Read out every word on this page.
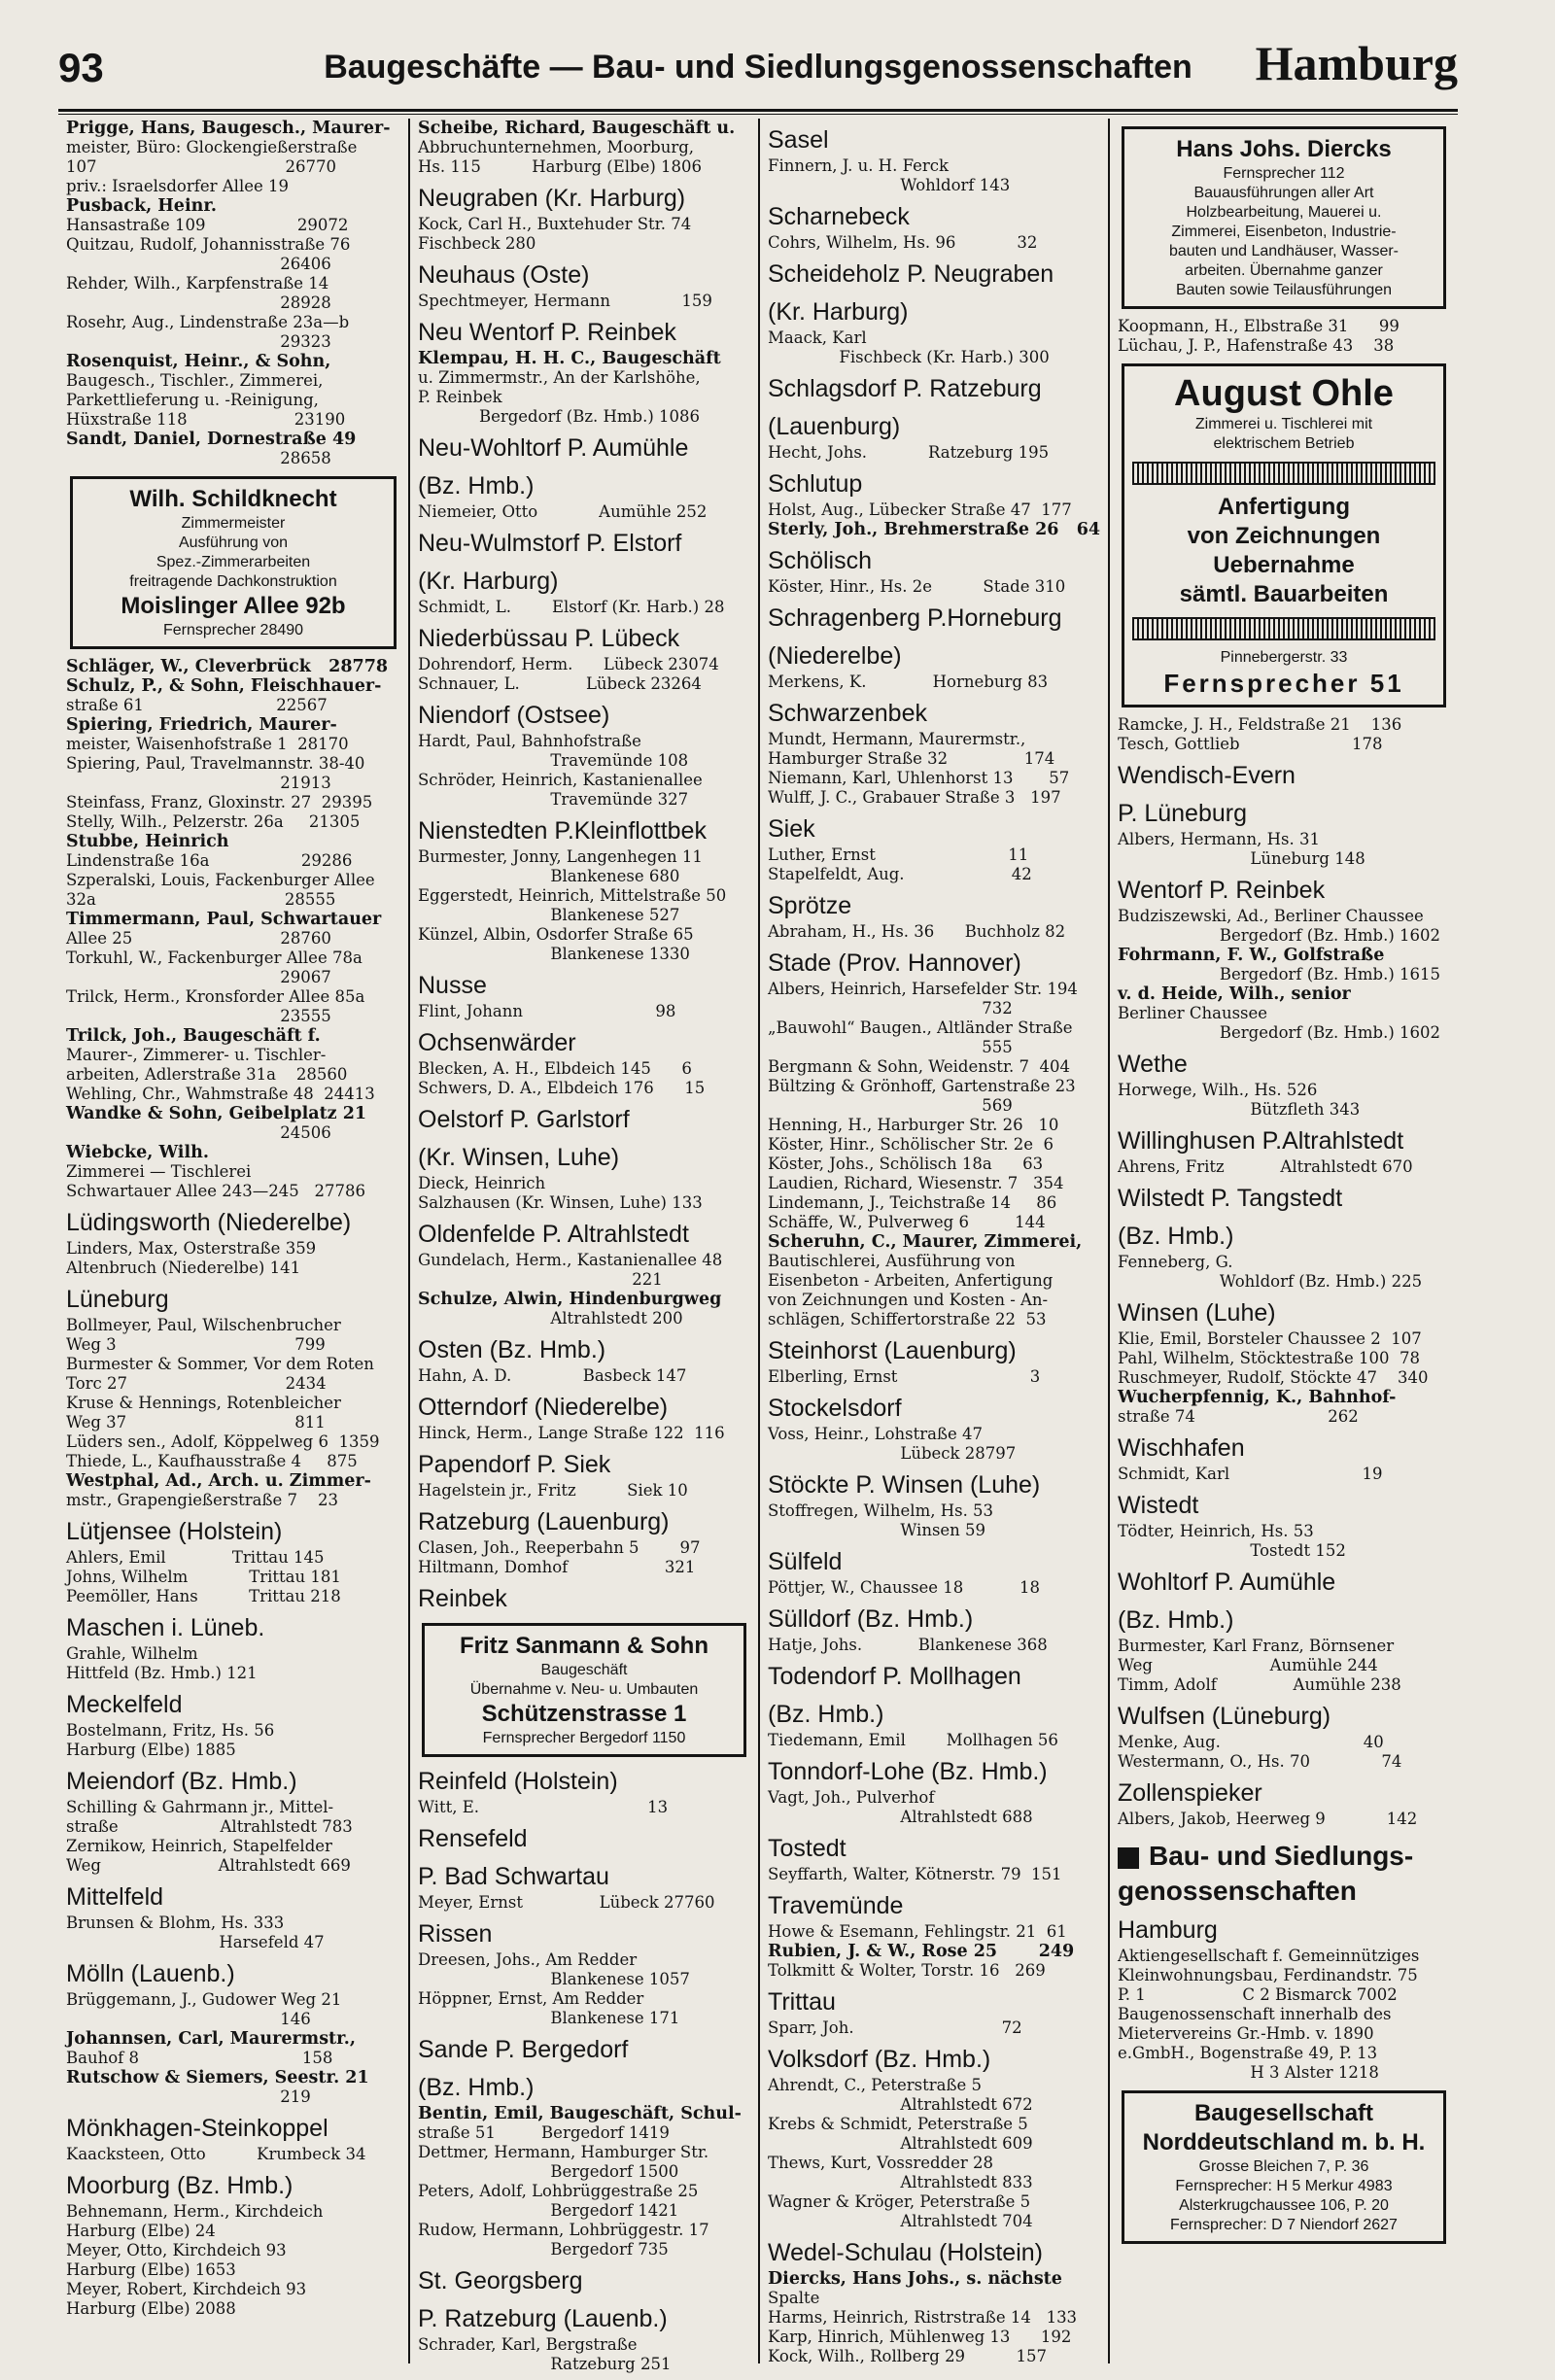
93	Baugeschäfte — Bau- und Siedlungsgenossenschaften	Hamburg
Prigge, Hans, Baugesch., Maurer-
meister, Büro: Glockengießerstraße
107                                     26770
priv.: Israelsdorfer Allee 19
Pusback, Heinr.
Hansastraße 109                  29072
Quitzau, Rudolf, Johannisstraße 76
26406
Rehder, Wilh., Karpfenstraße 14
28928
Rosehr, Aug., Lindenstraße 23a—b
29323
Rosenquist, Heinr., & Sohn,
Baugesch., Tischler., Zimmerei,
Parkettlieferung u. -Reinigung,
Hüxstraße 118                     23190
Sandt, Daniel, Dornestraße 49
28658
Wilh. Schildknecht
Zimmermeister
Ausführung von
Spez.-Zimmerarbeiten
freitragende Dachkonstruktion
Moislinger Allee 92b
Fernsprecher 28490
Schläger, W., Cleverbrück   28778
Schulz, P., & Sohn, Fleischhauer-
straße 61                          22567
Spiering, Friedrich, Maurer-
meister, Waisenhofstraße 1  28170
Spiering, Paul, Travelmannstr. 38-40
21913
Steinfass, Franz, Gloxinstr. 27  29395
Stelly, Wilh., Pelzerstr. 26a     21305
Stubbe, Heinrich
Lindenstraße 16a                  29286
Szperalski, Louis, Fackenburger Allee
32a                                     28555
Timmermann, Paul, Schwartauer
Allee 25                             28760
Torkuhl, W., Fackenburger Allee 78a
29067
Trilck, Herm., Kronsforder Allee 85a
23555
Trilck, Joh., Baugeschäft f.
Maurer-, Zimmerer- u. Tischler-
arbeiten, Adlerstraße 31a    28560
Wehling, Chr., Wahmstraße 48  24413
Wandke & Sohn, Geibelplatz 21
24506
Wiebcke, Wilh.
Zimmerei — Tischlerei
Schwartauer Allee 243—245   27786
Lüdingsworth (Niederelbe)
Linders, Max, Osterstraße 359
Altenbruch (Niederelbe) 141
Lüneburg
Bollmeyer, Paul, Wilschenbrucher
Weg 3                                   799
Burmester & Sommer, Vor dem Roten
Torc 27                               2434
Kruse & Hennings, Rotenbleicher
Weg 37                                 811
Lüders sen., Adolf, Köppelweg 6  1359
Thiede, L., Kaufhausstraße 4     875
Westphal, Ad., Arch. u. Zimmer-
mstr., Grapengießerstraße 7    23
Lütjensee (Holstein)
Ahlers, Emil             Trittau 145
Johns, Wilhelm            Trittau 181
Peemöller, Hans          Trittau 218
Maschen i. Lüneb.
Grahle, Wilhelm
Hittfeld (Bz. Hmb.) 121
Meckelfeld
Bostelmann, Fritz, Hs. 56
Harburg (Elbe) 1885
Meiendorf (Bz. Hmb.)
Schilling & Gahrmann jr., Mittel-
straße                    Altrahlstedt 783
Zernikow, Heinrich, Stapelfelder
Weg                       Altrahlstedt 669
Mittelfeld
Brunsen & Blohm, Hs. 333
Harsefeld 47
Mölln (Lauenb.)
Brüggemann, J., Gudower Weg 21
146
Johannsen, Carl, Maurermstr.,
Bauhof 8                                158
Rutschow & Siemers, Seestr. 21
219
Mönkhagen-Steinkoppel
Kaacksteen, Otto          Krumbeck 34
Moorburg (Bz. Hmb.)
Behnemann, Herm., Kirchdeich
Harburg (Elbe) 24
Meyer, Otto, Kirchdeich 93
Harburg (Elbe) 1653
Meyer, Robert, Kirchdeich 93
Harburg (Elbe) 2088
Scheibe, Richard, Baugeschäft u.
Abbruchunternehmen, Moorburg,
Hs. 115          Harburg (Elbe) 1806
Neugraben (Kr. Harburg)
Kock, Carl H., Buxtehuder Str. 74
Fischbeck 280
Neuhaus (Oste)
Spechtmeyer, Hermann              159
Neu Wentorf P. Reinbek
Klempau, H. H. C., Baugeschäft
u. Zimmermstr., An der Karlshöhe,
P. Reinbek
Bergedorf (Bz. Hmb.) 1086
Neu-Wohltorf P. Aumühle
(Bz. Hmb.)
Niemeier, Otto            Aumühle 252
Neu-Wulmstorf P. Elstorf
(Kr. Harburg)
Schmidt, L.        Elstorf (Kr. Harb.) 28
Niederbüssau P. Lübeck
Dohrendorf, Herm.      Lübeck 23074
Schnauer, L.             Lübeck 23264
Niendorf (Ostsee)
Hardt, Paul, Bahnhofstraße
Travemünde 108
Schröder, Heinrich, Kastanienallee
Travemünde 327
Nienstedten P.Kleinflottbek
Burmester, Jonny, Langenhegen 11
Blankenese 680
Eggerstedt, Heinrich, Mittelstraße 50
Blankenese 527
Künzel, Albin, Osdorfer Straße 65
Blankenese 1330
Nusse
Flint, Johann                          98
Ochsenwärder
Blecken, A. H., Elbdeich 145      6
Schwers, D. A., Elbdeich 176      15
Oelstorf P. Garlstorf
(Kr. Winsen, Luhe)
Dieck, Heinrich
Salzhausen (Kr. Winsen, Luhe) 133
Oldenfelde P. Altrahlstedt
Gundelach, Herm., Kastanienallee 48
221
Schulze, Alwin, Hindenburgweg
Altrahlstedt 200
Osten (Bz. Hmb.)
Hahn, A. D.              Basbeck 147
Otterndorf (Niederelbe)
Hinck, Herm., Lange Straße 122  116
Papendorf P. Siek
Hagelstein jr., Fritz          Siek 10
Ratzeburg (Lauenburg)
Clasen, Joh., Reeperbahn 5        97
Hiltmann, Domhof                   321
Reinbek
Fritz Sanmann & Sohn
Baugeschäft
Übernahme v. Neu- u. Umbauten
Schützenstrasse 1
Fernsprecher Bergedorf 1150
Reinfeld (Holstein)
Witt, E.                                 13
Rensefeld
P. Bad Schwartau
Meyer, Ernst               Lübeck 27760
Rissen
Dreesen, Johs., Am Redder
Blankenese 1057
Höppner, Ernst, Am Redder
Blankenese 171
Sande P. Bergedorf
(Bz. Hmb.)
Bentin, Emil, Baugeschäft, Schul-
straße 51         Bergedorf 1419
Dettmer, Hermann, Hamburger Str.
Bergedorf 1500
Peters, Adolf, Lohbrüggestraße 25
Bergedorf 1421
Rudow, Hermann, Lohbrüggestr. 17
Bergedorf 735
St. Georgsberg
P. Ratzeburg (Lauenb.)
Schrader, Karl, Bergstraße
Ratzeburg 251
Sasel
Finnern, J. u. H. Ferck
Wohldorf 143
Scharnebeck
Cohrs, Wilhelm, Hs. 96            32
Scheideholz P. Neugraben
(Kr. Harburg)
Maack, Karl
Fischbeck (Kr. Harb.) 300
Schlagsdorf P. Ratzeburg
(Lauenburg)
Hecht, Johs.            Ratzeburg 195
Schlutup
Holst, Aug., Lübecker Straße 47  177
Sterly, Joh., Brehmerstraße 26   64
Schölisch
Köster, Hinr., Hs. 2e          Stade 310
Schragenberg P.Horneburg
(Niederelbe)
Merkens, K.             Horneburg 83
Schwarzenbek
Mundt, Hermann, Maurermstr.,
Hamburger Straße 32               174
Niemann, Karl, Uhlenhorst 13       57
Wulff, J. C., Grabauer Straße 3   197
Siek
Luther, Ernst                          11
Stapelfeldt, Aug.                     42
Sprötze
Abraham, H., Hs. 36      Buchholz 82
Stade (Prov. Hannover)
Albers, Heinrich, Harsefelder Str. 194
732
„Bauwohl“ Baugen., Altländer Straße
555
Bergmann & Sohn, Weidenstr. 7  404
Bültzing & Grönhoff, Gartenstraße 23
569
Henning, H., Harburger Str. 26   10
Köster, Hinr., Schölischer Str. 2e  6
Köster, Johs., Schölisch 18a      63
Laudien, Richard, Wiesenstr. 7   354
Lindemann, J., Teichstraße 14     86
Schäffe, W., Pulverweg 6         144
Scheruhn, C., Maurer, Zimmerei,
Bautischlerei, Ausführung von
Eisenbeton - Arbeiten, Anfertigung
von Zeichnungen und Kosten - An-
schlägen, Schiffertorstraße 22  53
Steinhorst (Lauenburg)
Elberling, Ernst                          3
Stockelsdorf
Voss, Heinr., Lohstraße 47
Lübeck 28797
Stöckte P. Winsen (Luhe)
Stoffregen, Wilhelm, Hs. 53
Winsen 59
Sülfeld
Pöttjer, W., Chaussee 18           18
Sülldorf (Bz. Hmb.)
Hatje, Johs.           Blankenese 368
Todendorf P. Mollhagen
(Bz. Hmb.)
Tiedemann, Emil        Mollhagen 56
Tonndorf-Lohe (Bz. Hmb.)
Vagt, Joh., Pulverhof
Altrahlstedt 688
Tostedt
Seyffarth, Walter, Kötnerstr. 79  151
Travemünde
Howe & Esemann, Fehlingstr. 21  61
Rubien, J. & W., Rose 25       249
Tolkmitt & Wolter, Torstr. 16   269
Trittau
Sparr, Joh.                             72
Volksdorf (Bz. Hmb.)
Ahrendt, C., Peterstraße 5
Altrahlstedt 672
Krebs & Schmidt, Peterstraße 5
Altrahlstedt 609
Thews, Kurt, Vossredder 28
Altrahlstedt 833
Wagner & Kröger, Peterstraße 5
Altrahlstedt 704
Wedel-Schulau (Holstein)
Diercks, Hans Johs., s. nächste
Spalte
Harms, Heinrich, Ristrstraße 14   133
Karp, Hinrich, Mühlenweg 13      192
Kock, Wilh., Rollberg 29          157
Hans Johs. Diercks
Fernsprecher 112
Bauausführungen aller Art
Holzbearbeitung, Mauerei u.
Zimmerei, Eisenbeton, Industrie-
bauten und Landhäuser, Wasser-
arbeiten. Übernahme ganzer
Bauten sowie Teilausführungen
Koopmann, H., Elbstraße 31      99
Lüchau, J. P., Hafenstraße 43    38
August Ohle
Zimmerei u. Tischlerei mit
elektrischem Betrieb
Anfertigung
von Zeichnungen
Uebernahme
sämtl. Bauarbeiten
Pinnebergerstr. 33
Fernsprecher 51
Ramcke, J. H., Feldstraße 21    136
Tesch, Gottlieb                      178
Wendisch-Evern
P. Lüneburg
Albers, Hermann, Hs. 31
Lüneburg 148
Wentorf P. Reinbek
Budziszewski, Ad., Berliner Chaussee
Bergedorf (Bz. Hmb.) 1602
Fohrmann, F. W., Golfstraße
Bergedorf (Bz. Hmb.) 1615
v. d. Heide, Wilh., senior
Berliner Chaussee
Bergedorf (Bz. Hmb.) 1602
Wethe
Horwege, Wilh., Hs. 526
Bützfleth 343
Willinghusen P.Altrahlstedt
Ahrens, Fritz           Altrahlstedt 670
Wilstedt P. Tangstedt
(Bz. Hmb.)
Fenneberg, G.
Wohldorf (Bz. Hmb.) 225
Winsen (Luhe)
Klie, Emil, Borsteler Chaussee 2  107
Pahl, Wilhelm, Stöcktestraße 100  78
Ruschmeyer, Rudolf, Stöckte 47    340
Wucherpfennig, K., Bahnhof-
straße 74                          262
Wischhafen
Schmidt, Karl                          19
Wistedt
Tödter, Heinrich, Hs. 53
Tostedt 152
Wohltorf P. Aumühle
(Bz. Hmb.)
Burmester, Karl Franz, Börnsener
Weg                       Aumühle 244
Timm, Adolf               Aumühle 238
Wulfsen (Lüneburg)
Menke, Aug.                            40
Westermann, O., Hs. 70              74
Zollenspieker
Albers, Jakob, Heerweg 9            142
Bau- und Siedlungs-
genossenschaften
Hamburg
Aktiengesellschaft f. Gemeinnütziges
Kleinwohnungsbau, Ferdinandstr. 75
P. 1                   C 2 Bismarck 7002
Baugenossenschaft innerhalb des
Mietervereins Gr.-Hmb. v. 1890
e.GmbH., Bogenstraße 49, P. 13
H 3 Alster 1218
Baugesellschaft
Norddeutschland m. b. H.
Grosse Bleichen 7, P. 36
Fernsprecher: H 5 Merkur 4983
Alsterkrugchaussee 106, P. 20
Fernsprecher: D 7 Niendorf 2627
